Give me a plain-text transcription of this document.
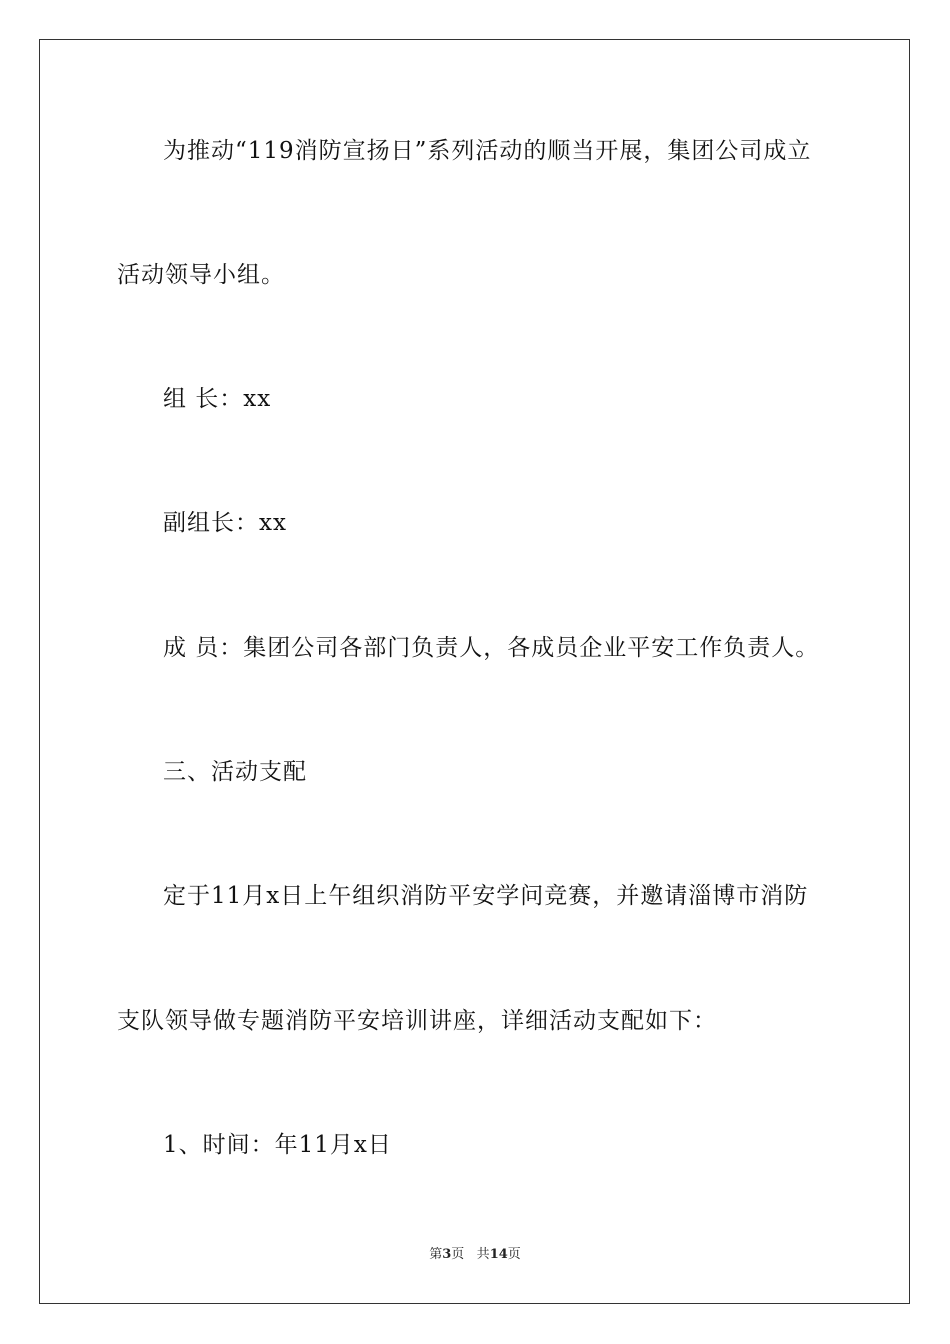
为推动“119消防宣扬日”系列活动的顺当开展，集团公司成立
活动领导小组。
组 长：xx
副组长：xx
成 员：集团公司各部门负责人，各成员企业平安工作负责人。
三、活动支配
定于11月x日上午组织消防平安学问竞赛，并邀请淄博市消防
支队领导做专题消防平安培训讲座，详细活动支配如下：
1、时间：年11月x日
第3页 共14页
